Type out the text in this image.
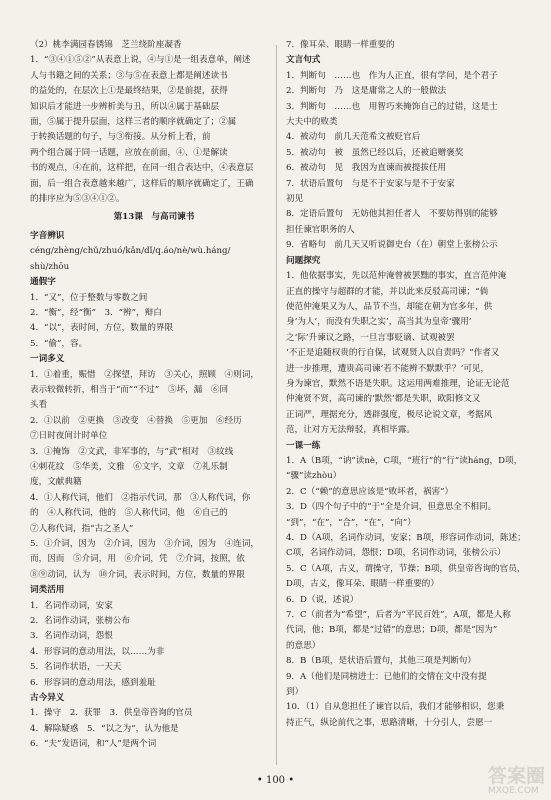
（2）桃李满园春锈锦　芝兰绕阶座凝香
1．“③④①⑤②”从表意上说，④与①是一组表意单，阐述
人与书籍之间的关系；③与⑤在表意上都是阐述读书
的益处的，在层次上①是最终结果，②是前提，获得
知识后才能进一步辨析美与丑，所以④属于基础层
面，⑤属于提升层面，这样三者的顺序就确定了；②属
于转换话题的句子，与③衔接。从分析上看，前
两个组合属于同一话题，应放在前面，④、①是解读
书的观点，④在前，这样把，在同一组合表达中，④表意层
面，后一组合表意越来越广，这样后的顺序就确定了，王确
的排序应为⑤③④①②。
第13课　与高司谏书
字音辨识
céng/zhèng/chǔ/zhuó/kǎn/dǐ/q.áo/nè/wù.háng/
shù/zhōu
通假字
1．“又”，位于整数与零数之间
2．“衡”，经“衡”　3．“辨”，辩白
4．“以”，表时间，方位，数量的界限
5．“偷”，容。
一词多义
1．①着重，赈惜　②探望，拜访　③关心，照顾　④则词，
表示较微转折，相当于“而”“不过”　⑤坏，漏　⑥回
头看
2．①以前　②更换　③改变　④替换　⑤更加　⑥经历
⑦日时夜间计时单位
3．①掩饰　②文武，非军事的，与“武”相对　③纹线
④刺花纹　⑤华美，文雅　⑥文字，文章　⑦礼乐制
度，文献典籍
4．①人称代词，他们　②指示代词，那　③人称代词，你
的　④人称代词，他的　⑤人称代词，他　⑥自己的
⑦人称代词，指“古之圣人”
5．①介词，因为　②介词，因为　③介词，因为　④连词，
而，因而　⑤介词，用　⑥介词，凭　⑦介词，按照，依
⑧⑨动词，认为　⑩介词，表示时间，方位，数量的界限
词类活用
1．名词作动词，安家
2．名词作动词，张榜公布
3．名词作动词，怨恨
4．形容词的意动用法，以……为非
5．名词作状语，一天天
6．形容词的意动用法，感到羞耻
古今异义
1．操守　2．获罪　3．供皇帝咨询的官员
4．解除疑惑　5．“以之为”，认为他是
6．“夫”发语词，和“人”是两个词
7．像耳朵、眼睛一样重要的
文言句式
1．判断句　……也　作为人正直，很有学问，是个君子
2．判断句　乃　这是庸常之人的一般做法
3．判断句　……也　用智巧来掩饰自己的过错，这是士
大夫中的败类
4．被动句　前几天范希文被贬官后
5．被动句　被　虽然已经以后，还被追赠褒奖
6．被动句　见　我因为直谏而被提拔任用
7．状语后置句　与是不于安家与是不于安家
初见
8．定语后置句　无妨他其担任者人　不要妨得别的能够
担任谏官职务的人
9．省略句　前几天又听说御史台（在）朝堂上张榜公示
问题探究
1．他依据事实，先以范仲淹曾被罢黜的事实，直言范仲淹
正直的操守与超群的才能，并以此来反驳高司谏；“倘
使范仲淹果又为人，品节不当，却能在朝为官多年，供
身‘为人’，而没有失职之实’，高当其为皇帝‘骤用’
之‘际’升谏议之路，一旦言事贬谪、试观被罢
‘不正是追随权贵的行自保，试观贤人以自责吗？”作者又
进一步推理，遭贵高司谏‘若不能辨不默默乎？’可见，
身为谏官，默然不语是失职。这运用两难推理，论证无论范
仲淹贤不贤，高司谏的‘默然’都是失职，欧阳修文又
正词严，理据充分，透辟强度，极尽论说文章，考据风
范，让对方无法辩驳，真相毕露。
一课一练
1．A（B项，“讷”读nè，C项，“班行”的“行”读háng，D项，
“骤”读zhòu）
2．C（“赖”的意思应该是“败坏者，祸害”）
3．D（四个句子中的“于”全是介词，但意思全不相同。
“到”，“在”，“合”，“在”，“向”）
4．D（A项，名词作动词，安家；B项，形容词作动词，陈述；
C项，名词作动词，怨恨；D项，名词作动词，张榜公示）
5．C（A项，古义，谓操守，节操；B项，供皇帝咨询的官员，
D项，古义，像耳朵、眼睛一样重要的）
6．D（说，述说）
7．C（前者为“希望”，后者为“平民百姓”，A项，都是人称
代词，他；B项，都是“过错”的意思；D项，都是“因为”
的意思）
8．B（B项，是状语后置句，其他三项是判断句）
9．A（他们是同榜进士：已他们的交情在文中没有提
到）
10．（1）自从您担任了谏官以后，我们才能够相识，您秉
持正气，纵论前代之事，思路清晰，十分引人，尝愿一
• 100 •	答案圈
MXQE.COM
